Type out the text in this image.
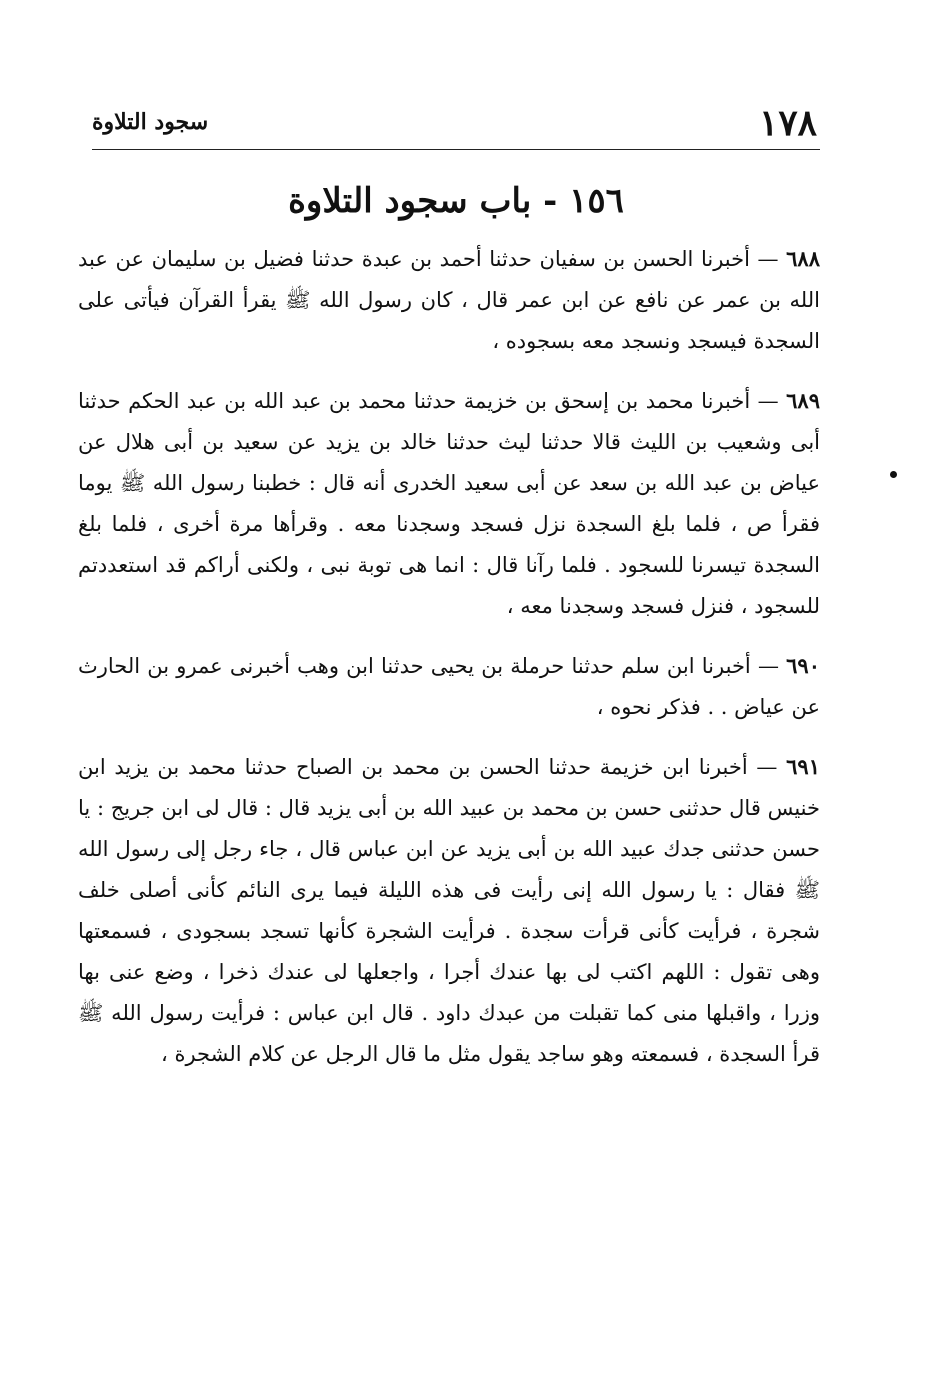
١٧٨
سجود التلاوة
١٥٦ - باب سجود التلاوة

٦٨٨ — أخبرنا الحسن بن سفيان حدثنا أحمد بن عبدة حدثنا فضيل بن سليمان عن عبد الله بن عمر عن نافع عن ابن عمر قال ، كان رسول الله ﷺ يقرأ القرآن فيأتى على السجدة فيسجد ونسجد معه بسجوده ،

٦٨٩ — أخبرنا محمد بن إسحق بن خزيمة حدثنا محمد بن عبد الله بن عبد الحكم حدثنا أبى وشعيب بن الليث قالا حدثنا ليث حدثنا خالد بن يزيد عن سعيد بن أبى هلال عن عياض بن عبد الله بن سعد عن أبى سعيد الخدرى أنه قال : خطبنا رسول الله ﷺ يوما فقرأ ص ، فلما بلغ السجدة نزل فسجد وسجدنا معه . وقرأها مرة أخرى ، فلما بلغ السجدة تيسرنا للسجود . فلما رآنا قال : انما هى توبة نبى ، ولكنى أراكم قد استعددتم للسجود ، فنزل فسجد وسجدنا معه ،

٦٩٠ — أخبرنا ابن سلم حدثنا حرملة بن يحيى حدثنا ابن وهب أخبرنى عمرو بن الحارث عن عياض . . فذكر نحوه ،

٦٩١ — أخبرنا ابن خزيمة حدثنا الحسن بن محمد بن الصباح حدثنا محمد بن يزيد ابن خنيس قال حدثنى حسن بن محمد بن عبيد الله بن أبى يزيد قال : قال لى ابن جريج : يا حسن حدثنى جدك عبيد الله بن أبى يزيد عن ابن عباس قال ، جاء رجل إلى رسول الله ﷺ فقال : يا رسول الله إنى رأيت فى هذه الليلة فيما يرى النائم كأنى أصلى خلف شجرة ، فرأيت كأنى قرأت سجدة . فرأيت الشجرة كأنها تسجد بسجودى ، فسمعتها وهى تقول : اللهم اكتب لى بها عندك أجرا ، واجعلها لى عندك ذخرا ، وضع عنى بها وزرا ، واقبلها منى كما تقبلت من عبدك داود . قال ابن عباس : فرأيت رسول الله ﷺ قرأ السجدة ، فسمعته وهو ساجد يقول مثل ما قال الرجل عن كلام الشجرة ،
